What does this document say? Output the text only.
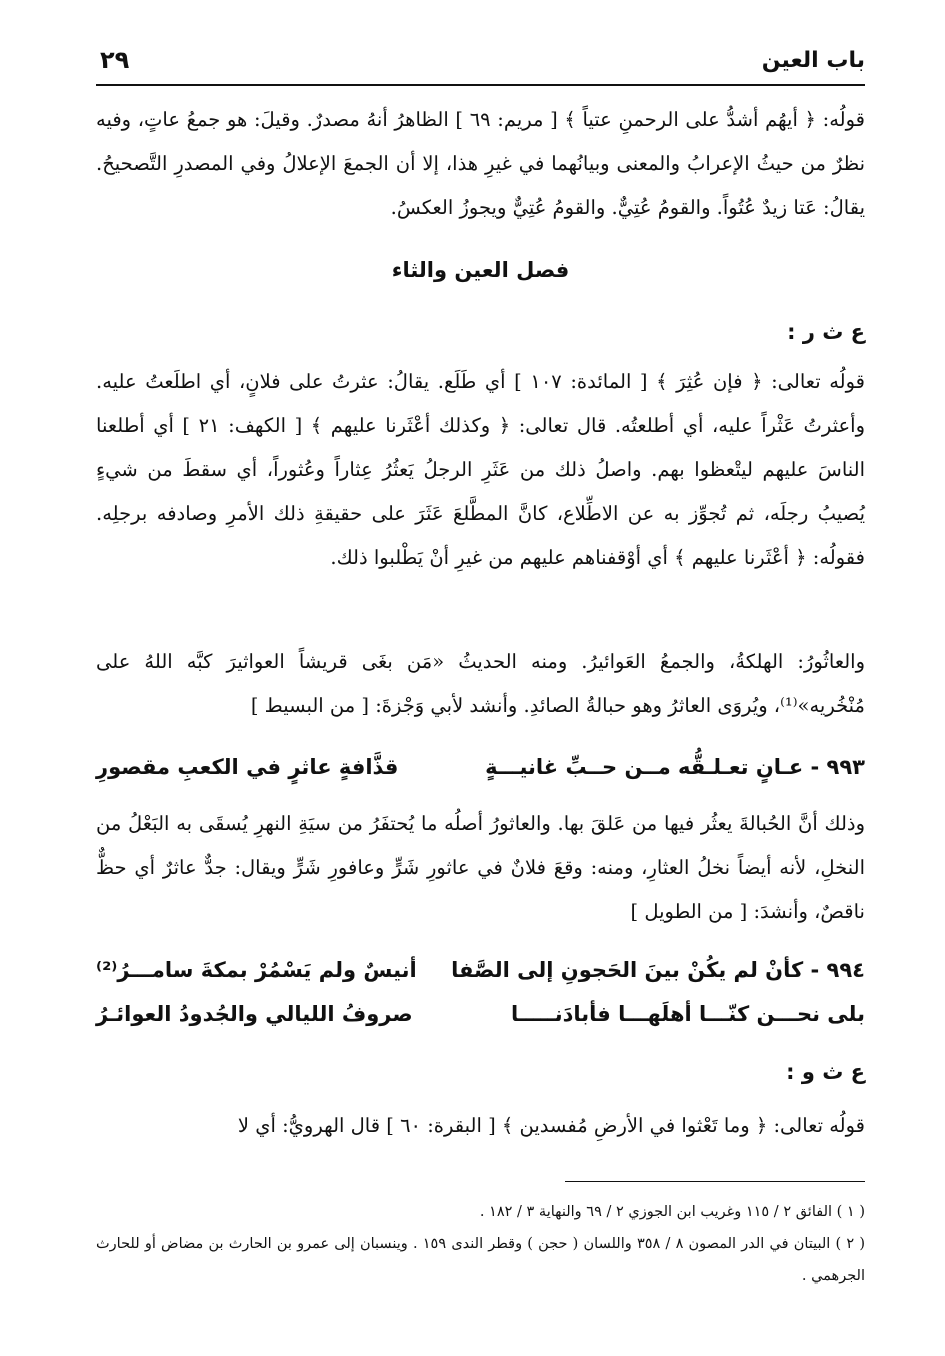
باب العين
٢٩

قولُه: ﴿ أيهُم أشدُّ على الرحمنِ عتياً ﴾ [ مريم: ٦٩ ] الظاهرُ أنهُ مصدرٌ. وقيلَ: هو جمعُ عاتٍ، وفيه نظرٌ من حيثُ الإعرابُ والمعنى وبيانُهما في غيرِ هذا، إلا أن الجمعَ الإعلالُ وفي المصدرِ التَّصحيحُ. يقالُ: عَتا زيدٌ عُتُواً. والقومُ عُتِيٌّ. والقومُ عُتِيٌّ ويجوزُ العكسُ.

فصل العين والثاء
ع ث ر :

قولُه تعالى: ﴿ فإن عُثِرَ ﴾ [ المائدة: ١٠٧ ] أي طَلَع. يقالُ: عثرتُ على فلانٍ، أي اطلَعتُ عليه. وأعثرتُ عَثْراً عليه، أي أطلعتُه. قال تعالى: ﴿ وكذلك أعْثَرنا عليهم ﴾ [ الكهف: ٢١ ] أي أطلعنا الناسَ عليهم ليتْعظوا بهم. واصلُ ذلك من عَثَرِ الرجلُ يَعثُرُ عِثاراً وعُثوراً، أي سقطَ من شيءٍ يُصيبُ رجلَه، ثم تُجوِّز به عن الاطِّلاع، كانَّ المطَّلعَ عَثَرَ على حقيقةِ ذلك الأمرِ وصادفه برجلِه. فقولُه: ﴿ أعْثَرنا عليهم ﴾ أي أوْقفناهم عليهم من غيرِ أنْ يَطْلبوا ذلك.

والعاثُورُ: الهلكةُ، والجمعُ العَوائيرُ. ومنه الحديثُ «مَن بغَى قريشاً العواثيرَ كبَّه اللهُ على مُنْخُريه»⁽¹⁾، ويُروَى العاثرُ وهو حبالةُ الصائدِ. وأنشد لأبي وَجْزةَ: [ من البسيط ]

٩٩٣ - عـانٍ تعـلـقُّه مــن حــبِّ غانيـــةٍ
قذَّافةٍ عاثرٍ في الكعبِ مقصورِ

وذلك أنَّ الحُبالةَ يعثُر فيها من عَلقَ بها. والعاثورُ أصلُه ما يُحتفَرُ من سيَةِ النهرِ يُسقَى به البَعْلُ من النخلِ، لأنه أيضاً نخلُ العثارِ، ومنه: وقعَ فلانٌ في عاثورِ شَرٍّ وعافورِ شَرٍّ ويقال: جدٌّ عاثرٌ أي حظٌّ ناقصٌ، وأنشدَ: [ من الطويل ]

٩٩٤ - كأنْ لم يكُنْ بينَ الحَجونِ إلى الصَّفا
أنيسٌ ولم يَسْمُرْ بمكةَ سامـــرُ⁽²⁾
بلى نحـــن كنّـــا أهلَهـــا فأبادَنـــــا
صروفُ الليالي والجُدودُ العوائـرُ
ع ث و :

قولُه تعالى: ﴿ وما تَعْثوا في الأرضِ مُفسدين ﴾ [ البقرة: ٦٠ ] قال الهرويُّ: أي لا

( ١ ) الفائق ٢ / ١١٥ وغريب ابن الجوزي ٢ / ٦٩ والنهاية ٣ / ١٨٢ .

( ٢ ) البيتان في الدر المصون ٨ / ٣٥٨ واللسان ( حجن ) وقطر الندى ١٥٩ . وينسبان إلى عمرو بن الحارث بن مضاض أو للحارث الجرهمي .
